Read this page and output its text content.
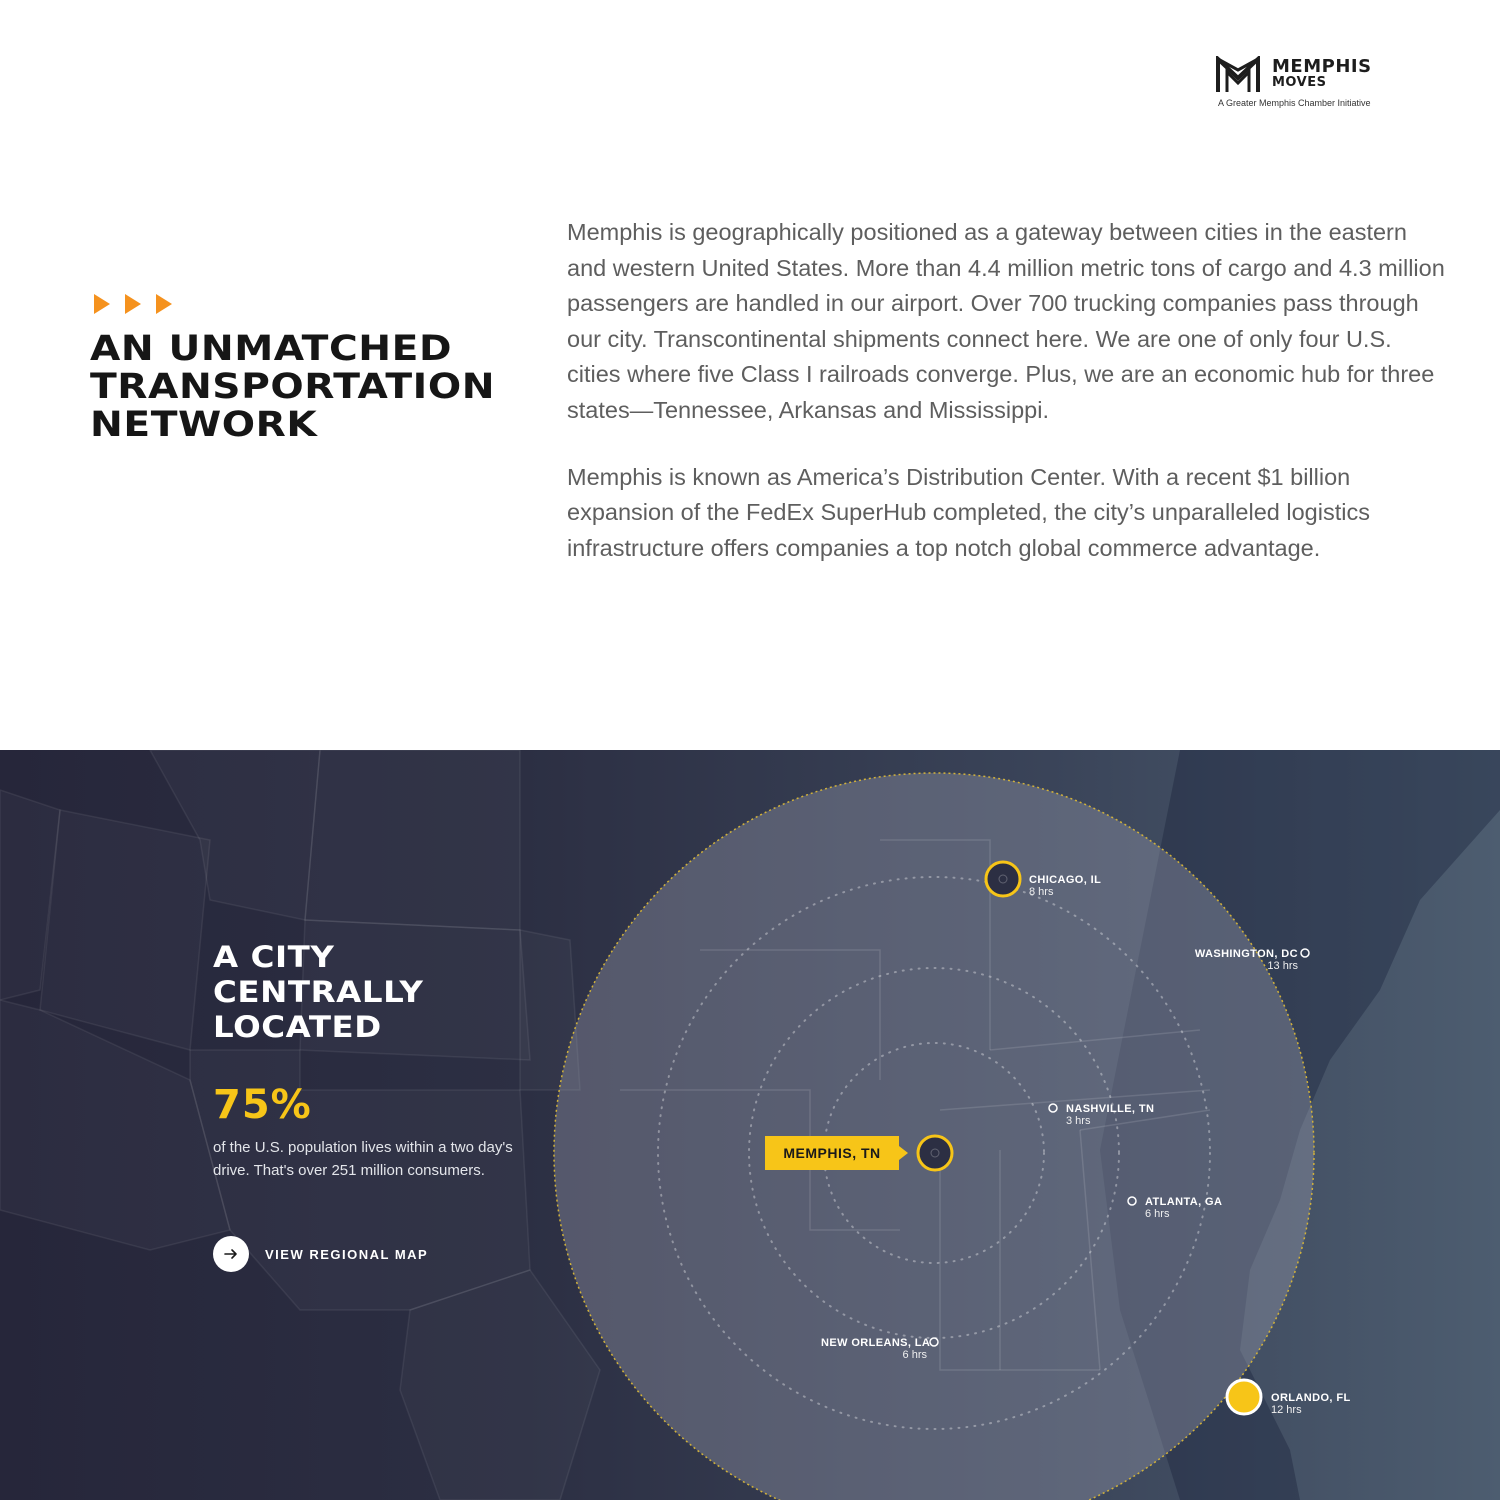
MEMPHIS
MOVES
A Greater Memphis Chamber Initiative
AN UNMATCHED
TRANSPORTATION
NETWORK

Memphis is geographically positioned as a gateway between cities in the eastern and western United States. More than 4.4 million metric tons of cargo and 4.3 million passengers are handled in our airport. Over 700 trucking companies pass through our city. Transcontinental shipments connect here. We are one of only four U.S. cities where five Class I railroads converge. Plus, we are an economic hub for three states—Tennessee, Arkansas and Mississippi.

Memphis is known as America’s Distribution Center. With a recent $1 billion expansion of the FedEx SuperHub completed, the city’s unparalleled logistics infrastructure offers companies a top notch global commerce advantage.

A CITY
CENTRALLY
LOCATED
75%
of the U.S. population lives within a two day's drive. That's over 251 million consumers.
VIEW REGIONAL MAP
MEMPHIS, TN
CHICAGO, IL
8 hrs
WASHINGTON, DC
13 hrs
NASHVILLE, TN
3 hrs
ATLANTA, GA
6 hrs
NEW ORLEANS, LA
6 hrs
ORLANDO, FL
12 hrs
